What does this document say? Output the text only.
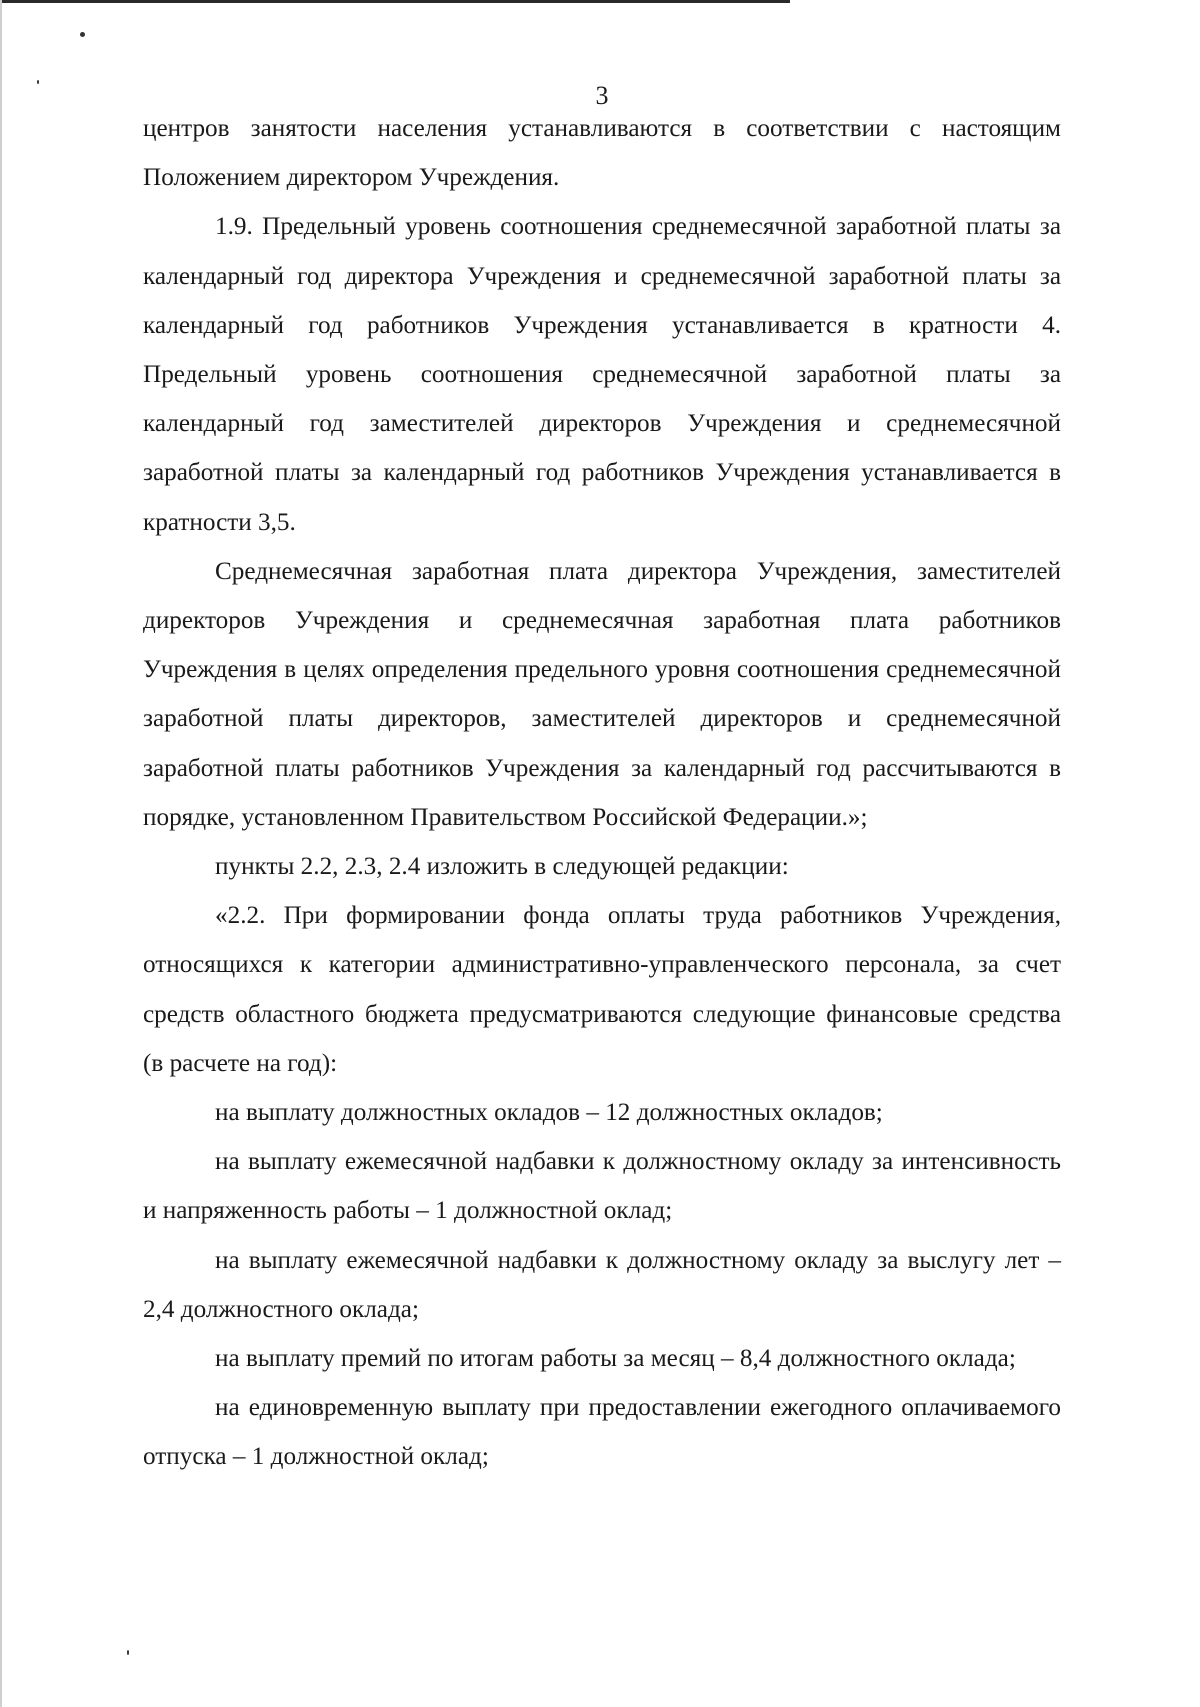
3

центров занятости населения устанавливаются в соответствии с настоящим Положением директором Учреждения.

1.9. Предельный уровень соотношения среднемесячной заработной платы за календарный год директора Учреждения и среднемесячной заработной платы за календарный год работников Учреждения устанавливается в кратности 4. Предельный уровень соотношения среднемесячной заработной платы за календарный год заместителей директоров Учреждения и среднемесячной заработной платы за календарный год работников Учреждения устанавливается в кратности 3,5.

Среднемесячная заработная плата директора Учреждения, заместителей директоров Учреждения и среднемесячная заработная плата работников Учреждения в целях определения предельного уровня соотношения среднемесячной заработной платы директоров, заместителей директоров и среднемесячной заработной платы работников Учреждения за календарный год рассчитываются в порядке, установленном Правительством Российской Федерации.»;

пункты 2.2, 2.3, 2.4 изложить в следующей редакции:

«2.2. При формировании фонда оплаты труда работников Учреждения, относящихся к категории административно-управленческого персонала, за счет средств областного бюджета предусматриваются следующие финансовые средства (в расчете на год):

на выплату должностных окладов – 12 должностных окладов;

на выплату ежемесячной надбавки к должностному окладу за интенсивность и напряженность работы – 1 должностной оклад;

на выплату ежемесячной надбавки к должностному окладу за выслугу лет – 2,4 должностного оклада;

на выплату премий по итогам работы за месяц – 8,4 должностного оклада;

на единовременную выплату при предоставлении ежегодного оплачиваемого отпуска – 1 должностной оклад;
